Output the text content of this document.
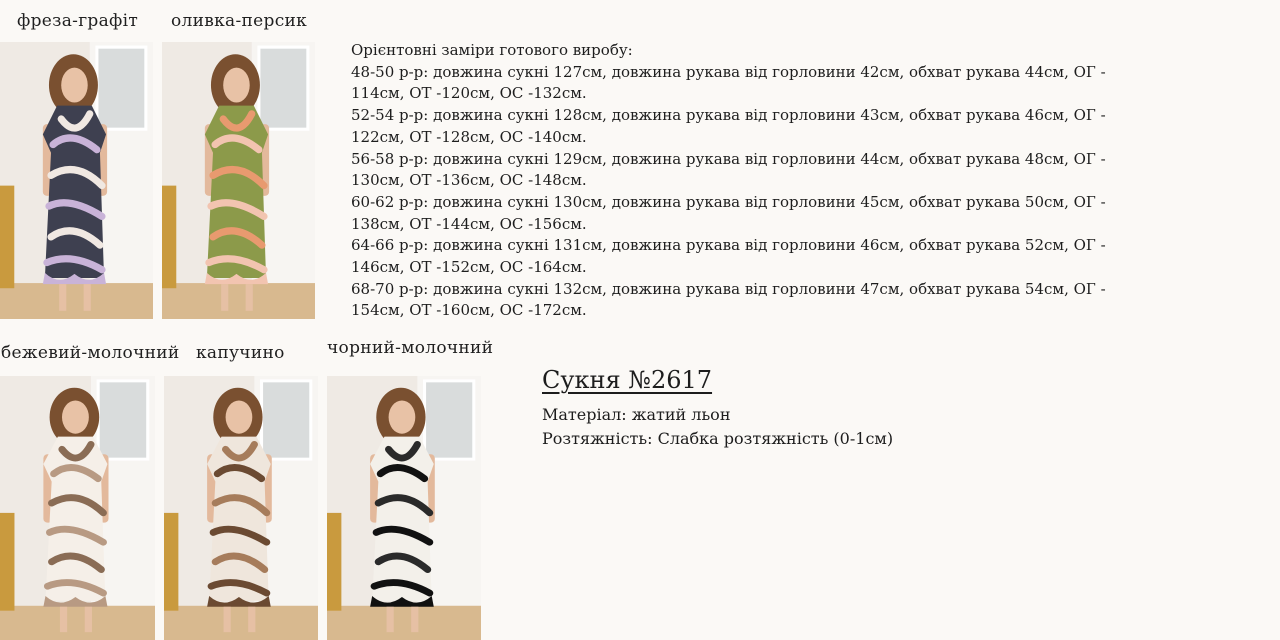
фреза-графіт оливка-персик
бежевий-молочний капучино чорний-молочний
Орієнтовні заміри готового виробу:
48-50 р-р: довжина сукні 127см, довжина рукава від горловини 42см, обхват рукава 44см, ОГ - 114см, ОТ -120см, ОС -132см.
52-54 р-р: довжина сукні 128см, довжина рукава від горловини 43см, обхват рукава 46см, ОГ - 122см, ОТ -128см, ОС -140см.
56-58 р-р: довжина сукні 129см, довжина рукава від горловини 44см, обхват рукава 48см, ОГ - 130см, ОТ -136см, ОС -148см.
60-62 р-р: довжина сукні 130см, довжина рукава від горловини 45см, обхват рукава 50см, ОГ - 138см, ОТ -144см, ОС -156см.
64-66 р-р: довжина сукні 131см, довжина рукава від горловини 46см, обхват рукава 52см, ОГ - 146см, ОТ -152см, ОС -164см.
68-70 р-р: довжина сукні 132см, довжина рукава від горловини 47см, обхват рукава 54см, ОГ - 154см, ОТ -160см, ОС -172см.
Сукня №2617
Матеріал: жатий льон
Розтяжність: Слабка розтяжність (0-1см)
